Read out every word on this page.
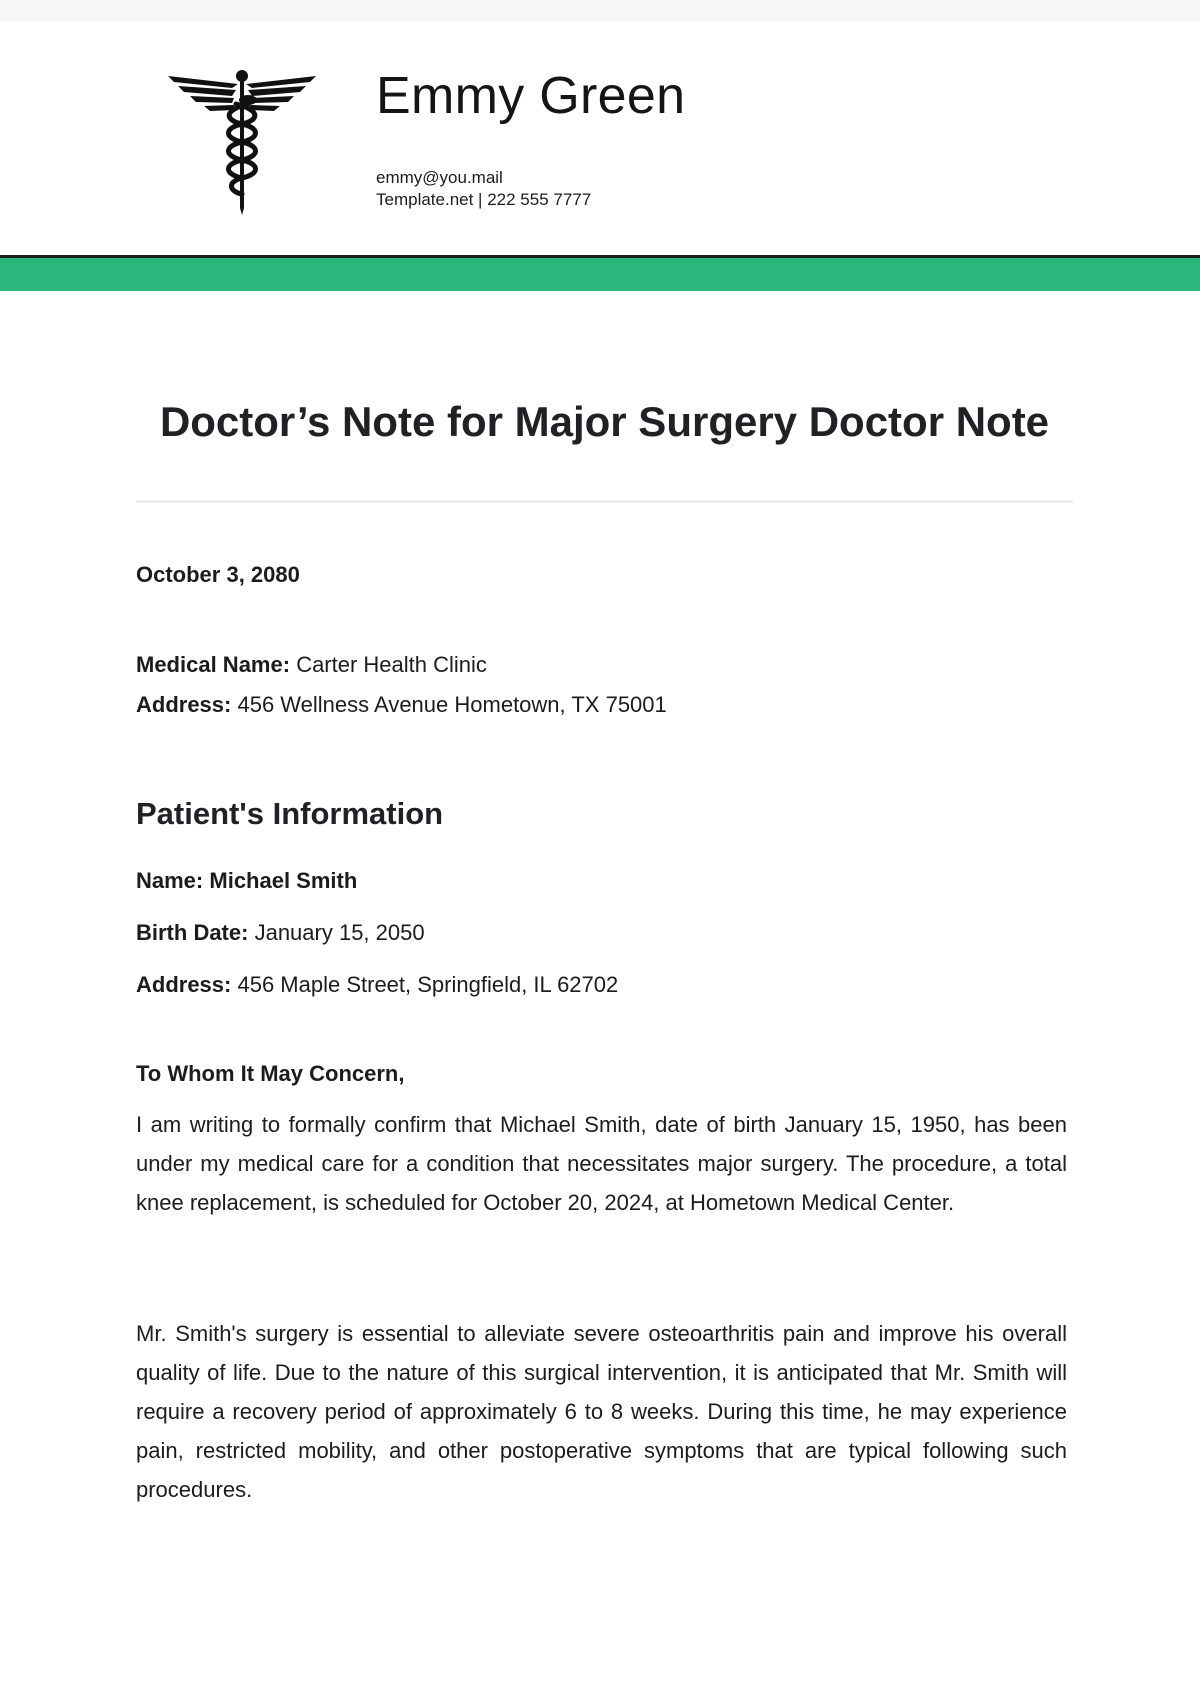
Emmy Green
emmy@you.mail
Template.net | 222 555 7777
Doctor’s Note for Major Surgery Doctor Note
October 3, 2080

Medical Name: Carter Health Clinic

Address: 456 Wellness Avenue Hometown, TX 75001

Patient's Information

Name: Michael Smith

Birth Date: January 15, 2050

Address: 456 Maple Street, Springfield, IL 62702

To Whom It May Concern,

I am writing to formally confirm that Michael Smith, date of birth January 15, 1950, has been under my medical care for a condition that necessitates major surgery. The procedure, a total knee replacement, is scheduled for October 20, 2024, at Hometown Medical Center.

Mr. Smith's surgery is essential to alleviate severe osteoarthritis pain and improve his overall quality of life. Due to the nature of this surgical intervention, it is anticipated that Mr. Smith will require a recovery period of approximately 6 to 8 weeks. During this time, he may experience pain, restricted mobility, and other postoperative symptoms that are typical following such procedures.
